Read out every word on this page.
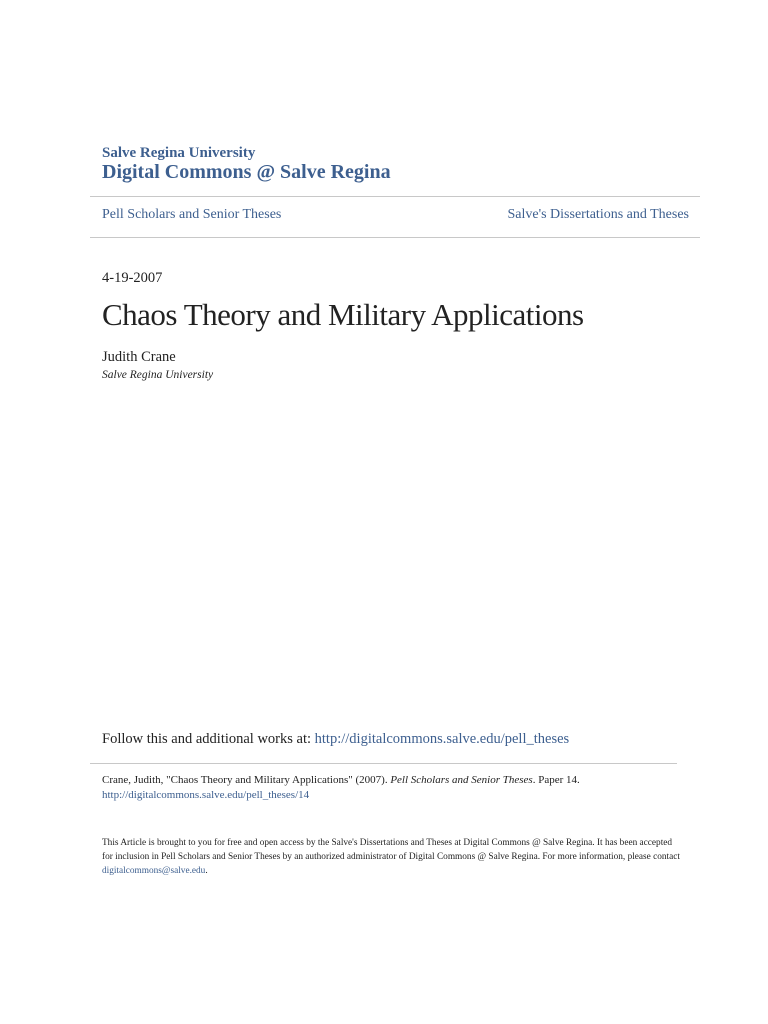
Salve Regina University
Digital Commons @ Salve Regina
Pell Scholars and Senior Theses	Salve's Dissertations and Theses
4-19-2007
Chaos Theory and Military Applications
Judith Crane
Salve Regina University
Follow this and additional works at: http://digitalcommons.salve.edu/pell_theses
Crane, Judith, "Chaos Theory and Military Applications" (2007). Pell Scholars and Senior Theses. Paper 14.
http://digitalcommons.salve.edu/pell_theses/14
This Article is brought to you for free and open access by the Salve's Dissertations and Theses at Digital Commons @ Salve Regina. It has been accepted for inclusion in Pell Scholars and Senior Theses by an authorized administrator of Digital Commons @ Salve Regina. For more information, please contact digitalcommons@salve.edu.
